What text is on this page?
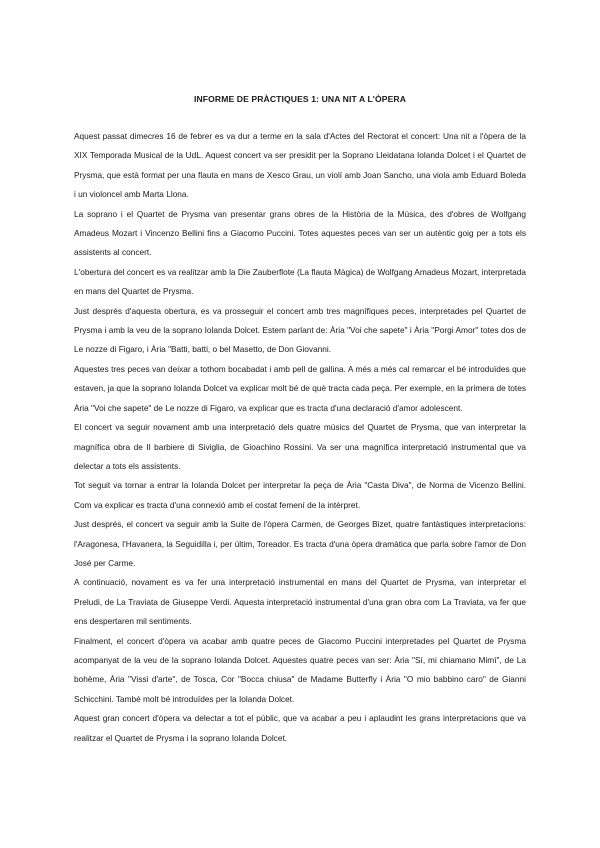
INFORME DE PRÀCTIQUES 1: UNA NIT A L'ÒPERA

Aquest passat dimecres 16 de febrer es va dur a terme en la sala d'Actes del Rectorat el concert: Una nit a l'òpera de la XIX Temporada Musical de la UdL. Aquest concert va ser presidit per la Soprano Lleidatana Iolanda Dolcet i el Quartet de Prysma, que està format per una flauta en mans de Xesco Grau, un violí amb Joan Sancho, una viola amb Eduard Boleda i un violoncel amb Marta Llona.

La soprano i el Quartet de Prysma van presentar grans obres de la Història de la Música, des d'obres de Wolfgang Amadeus Mozart i Vincenzo Bellini fins a Giacomo Puccini. Totes aquestes peces van ser un autèntic goig per a tots els assistents al concert.

L'obertura del concert es va realitzar amb la Die Zauberflote (La flauta Màgica) de Wolfgang Amadeus Mozart, interpretada en mans del Quartet de Prysma.

Just després d'aquesta obertura, es va prosseguir el concert amb tres magnífiques peces, interpretades pel Quartet de Prysma i amb la veu de la soprano Iolanda Dolcet. Estem parlant de: Ària "Voi che sapete" i Ària "Porgi Amor" totes dos de Le nozze di Figaro, i Ària "Batti, batti, o bel Masetto, de Don Giovanni.

Aquestes tres peces van deixar a tothom bocabadat i amb pell de gallina. A més a més cal remarcar el bé introduïdes que estaven, ja que la soprano Iolanda Dolcet va explicar molt bé de què tracta cada peça. Per exemple, en la primera de totes Ària "Voi che sapete" de Le nozze di Figaro, va explicar que es tracta d'una declaració d'amor adolescent.

El concert va seguir novament amb una interpretació dels quatre músics del Quartet de Prysma, que van interpretar la magnífica obra de Il barbiere di Siviglia, de Gioachino Rossini. Va ser una magnífica interpretació instrumental que va delectar a tots els assistents.

Tot seguit va tornar a entrar la Iolanda Dolcet per interpretar la peça de Ària "Casta Diva", de Norma de Vicenzo Bellini. Com va explicar es tracta d'una connexió amb el costat femení de la intèrpret.

Just després, el concert va seguir amb la Suite de l'òpera Carmen, de Georges Bizet, quatre fantàstiques interpretacions: l'Aragonesa, l'Havanera, la Seguidilla i, per últim, Toreador. Es tracta d'una òpera dramàtica que parla sobre l'amor de Don José per Carme.

A continuació, novament es va fer una interpretació instrumental en mans del Quartet de Prysma, van interpretar el Preludi, de La Traviata de Giuseppe Verdi. Aquesta interpretació instrumental d'una gran obra com La Traviata, va fer que ens despertaren mil sentiments.

Finalment, el concert d'òpera va acabar amb quatre peces de Giacomo Puccini interpretades pel Quartet de Prysma acompanyat de la veu de la soprano Iolanda Dolcet. Aquestes quatre peces van ser: Ària "Sí, mi chiamano Mimì", de La bohème, Ària "Vissi d'arte", de Tosca, Cor "Bocca chiusa" de Madame Butterfly i Ària "O mio babbino caro" de Gianni Schicchini. També molt bé introduïdes per la Iolanda Dolcet.

Aquest gran concert d'òpera va delectar a tot el públic, que va acabar a peu i aplaudint les grans interpretacions que va realitzar el Quartet de Prysma i la soprano Iolanda Dolcet.
